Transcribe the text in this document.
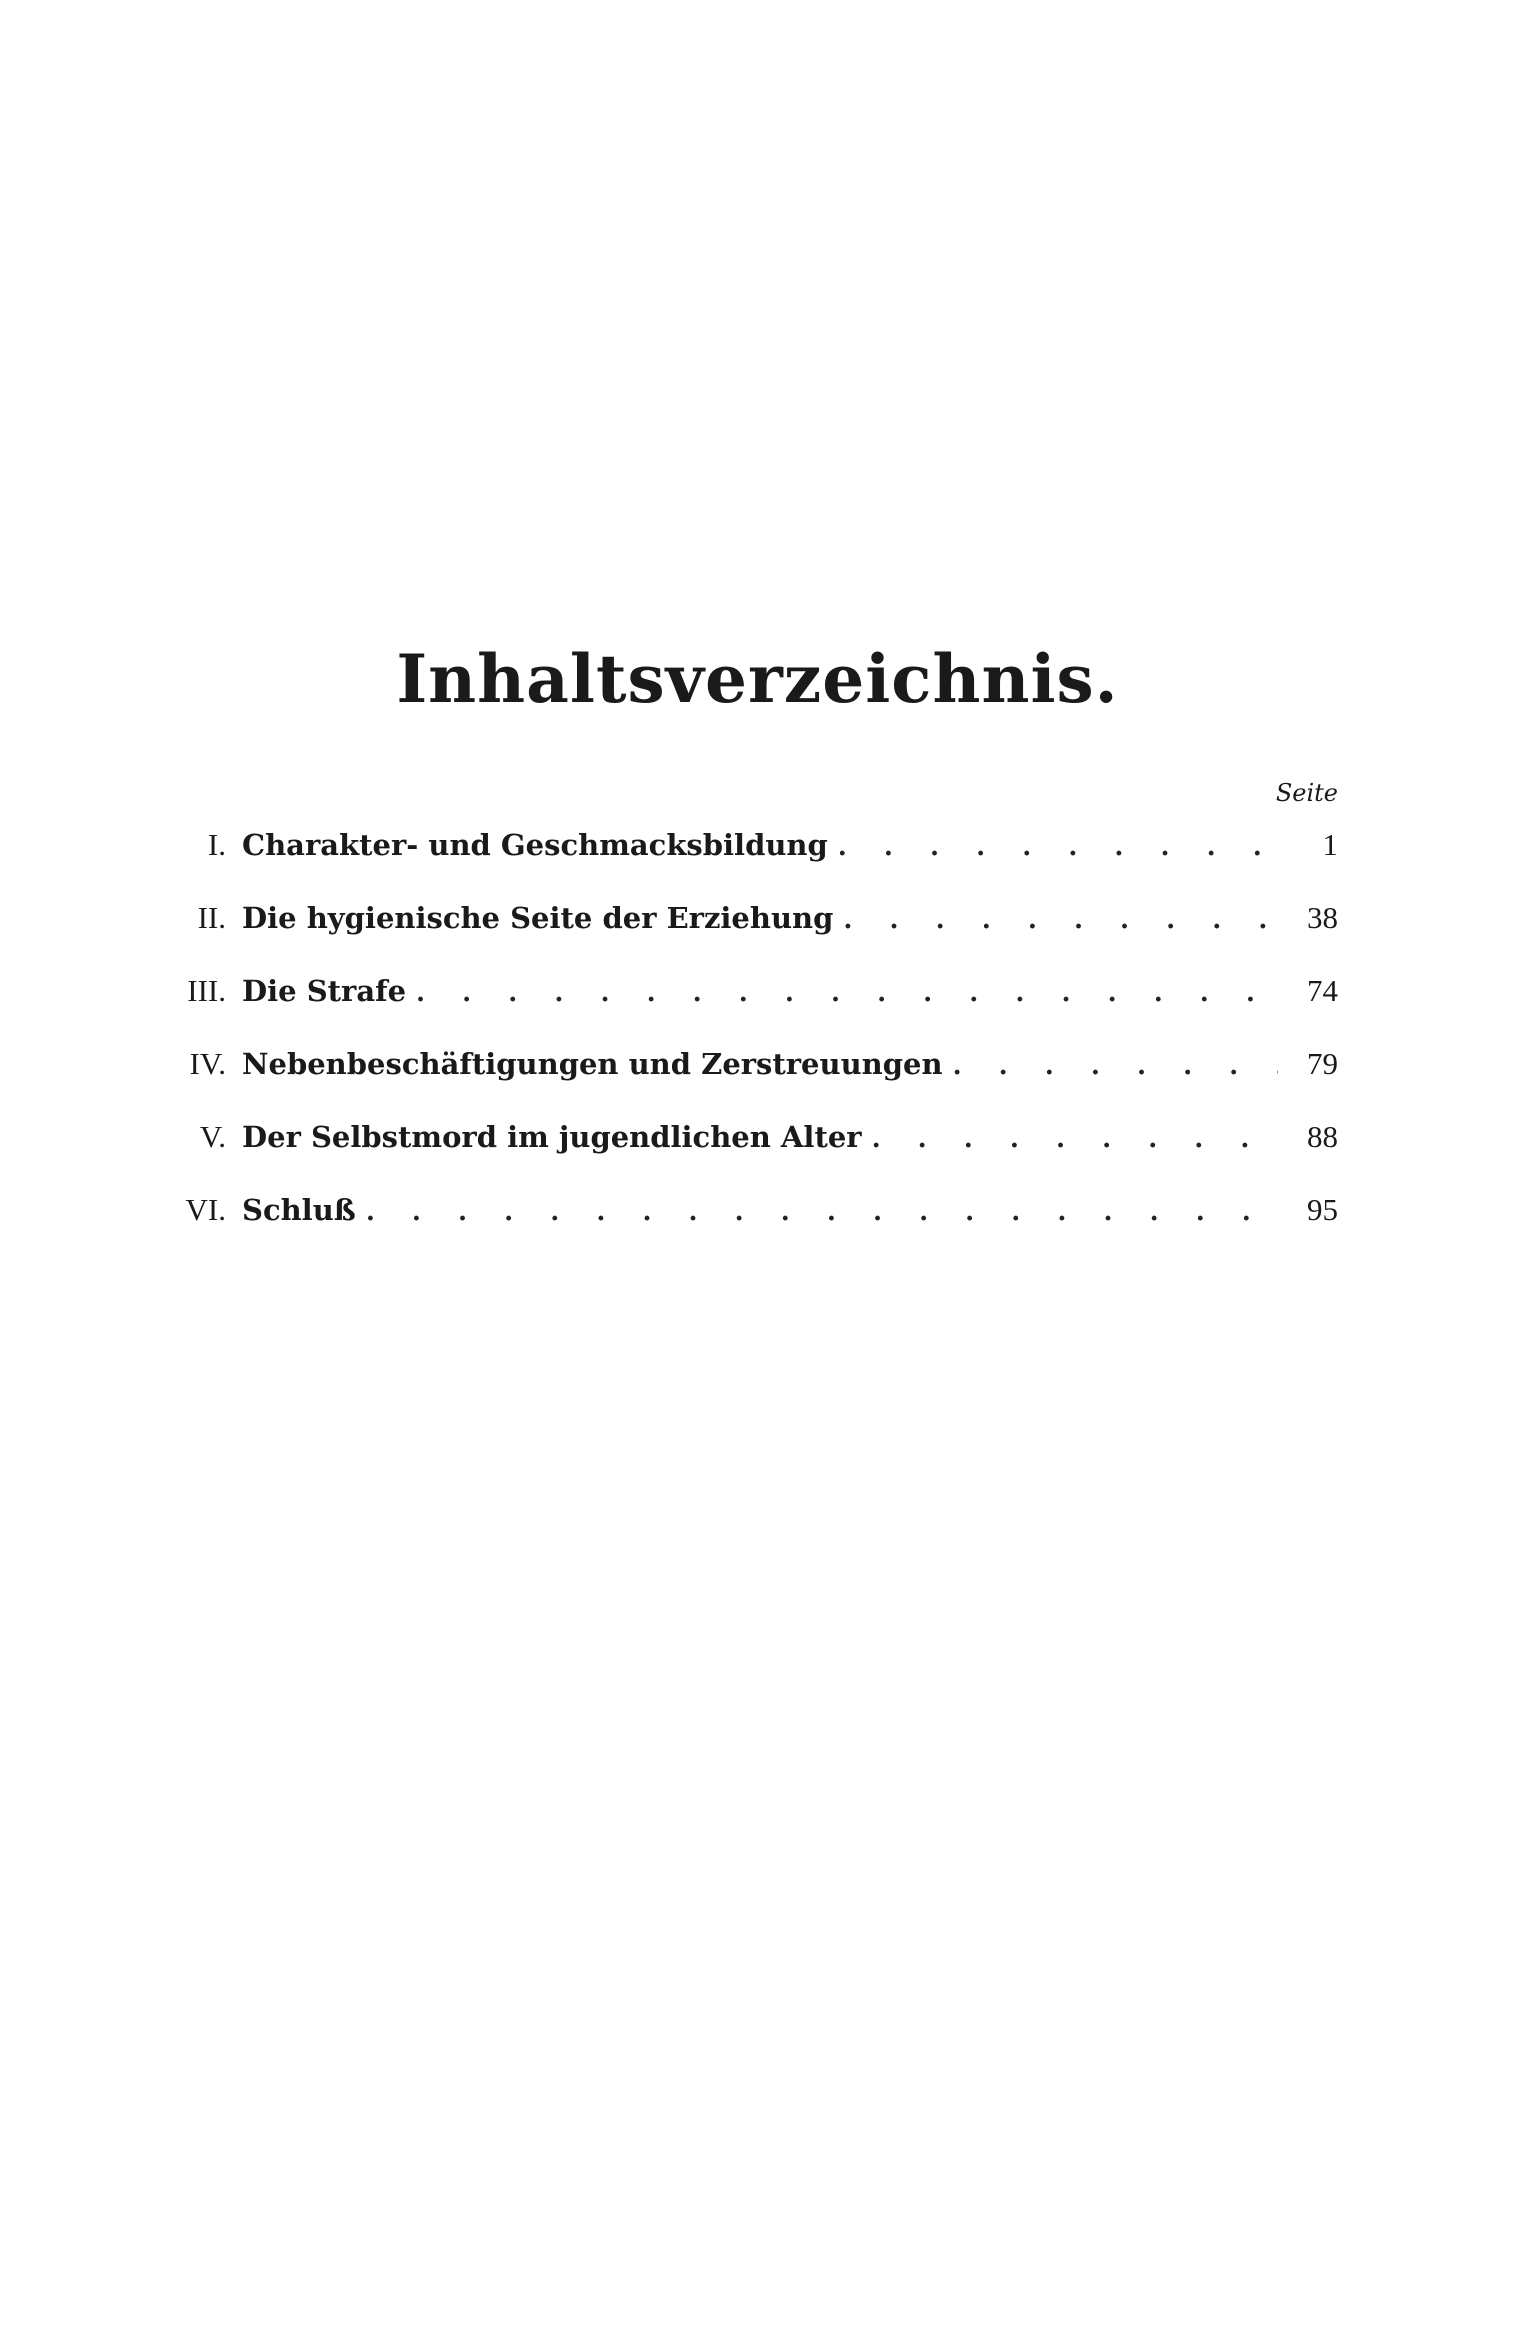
Inhaltsverzeichnis.
Seite
I. Charakter- und Geschmacksbildung . . .	1
II. Die hygienische Seite der Erziehung . . .	38
III. Die Strafe . . .	74
IV. Nebenbeschäftigungen und Zerstreuungen . . .	79
V. Der Selbstmord im jugendlichen Alter . . .	88
VI. Schluß . . .	95
